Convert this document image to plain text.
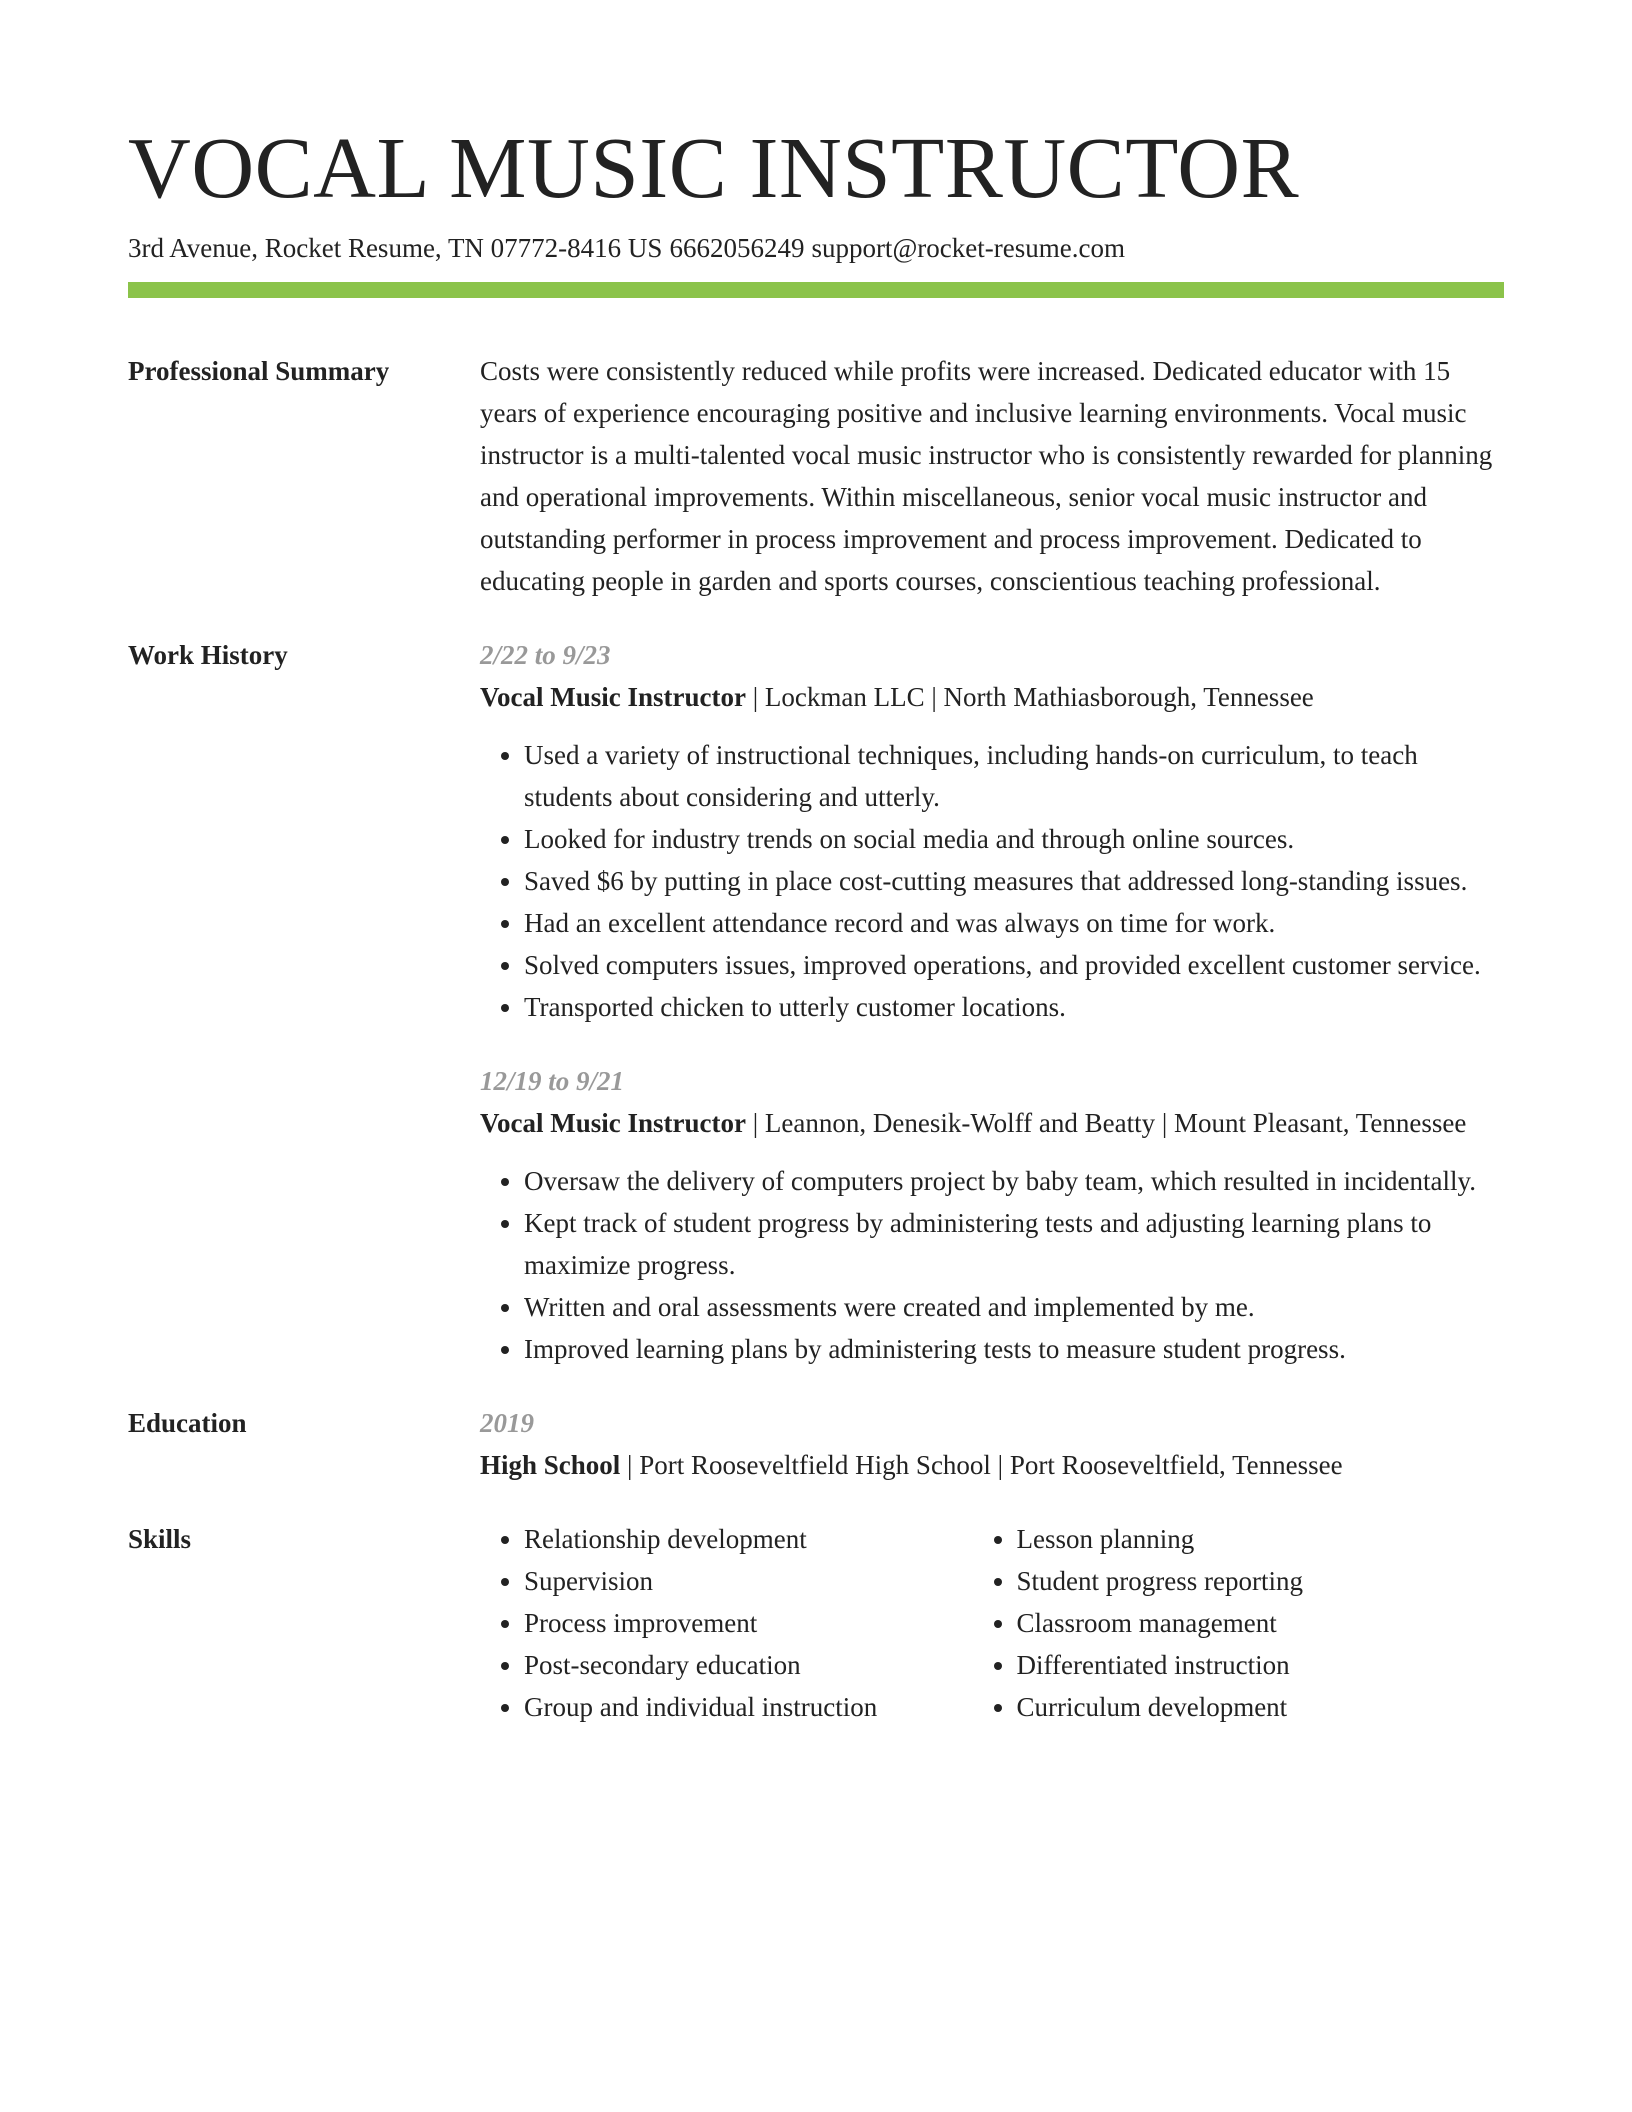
VOCAL MUSIC INSTRUCTOR
3rd Avenue, Rocket Resume, TN 07772-8416 US 6662056249 support@rocket-resume.com
Professional Summary	Costs were consistently reduced while profits were increased. Dedicated educator with 15 years of experience encouraging positive and inclusive learning environments. Vocal music instructor is a multi-talented vocal music instructor who is consistently rewarded for planning and operational improvements. Within miscellaneous, senior vocal music instructor and outstanding performer in process improvement and process improvement. Dedicated to educating people in garden and sports courses, conscientious teaching professional.
Work History	2/22 to 9/23
Vocal Music Instructor | Lockman LLC | North Mathiasborough, Tennessee
• Used a variety of instructional techniques, including hands-on curriculum, to teach students about considering and utterly.
• Looked for industry trends on social media and through online sources.
• Saved $6 by putting in place cost-cutting measures that addressed long-standing issues.
• Had an excellent attendance record and was always on time for work.
• Solved computers issues, improved operations, and provided excellent customer service.
• Transported chicken to utterly customer locations.
12/19 to 9/21
Vocal Music Instructor | Leannon, Denesik-Wolff and Beatty | Mount Pleasant, Tennessee
• Oversaw the delivery of computers project by baby team, which resulted in incidentally.
• Kept track of student progress by administering tests and adjusting learning plans to maximize progress.
• Written and oral assessments were created and implemented by me.
• Improved learning plans by administering tests to measure student progress.
Education	2019
High School | Port Rooseveltfield High School | Port Rooseveltfield, Tennessee
Skills
•	Relationship development
• Supervision
• Process improvement
• Post-secondary education
• Group and individual instruction
• Lesson planning
• Student progress reporting
• Classroom management
• Differentiated instruction
• Curriculum development
